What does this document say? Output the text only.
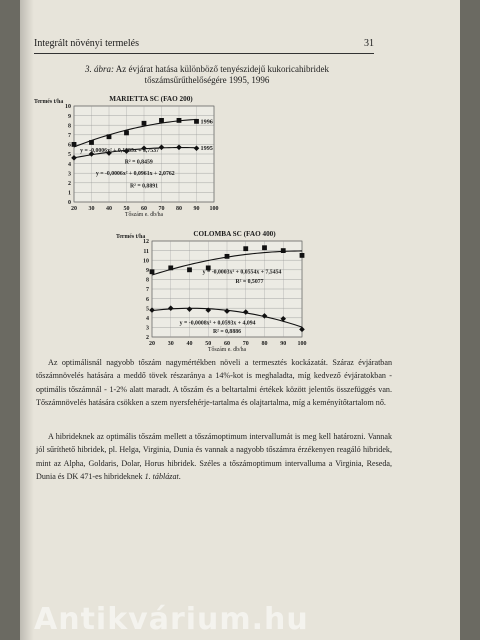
Integrált növényi termelés	31
3. ábra: Az évjárat hatása különböző tenyészidejű kukoricahibridek
tőszámsűrűthelőségére 1995, 1996
MARIETTA SC (FAO 200)
Termés t/ha
0
1
2
3
4
5
6
7
8
9
10
20 30 40 50 60 70 80 90 100
Tőszám e. db/ha
1996
1995
y = -0,0006x² + 0,1085x + 3,7537
R² = 0,8459
y = -0,0006x² + 0,0961x + 2,0762
R² = 0,8891
COLOMBA SC (FAO 400)
Termés t/ha
2
3
4
5
6
7
8
9
10
11
12
20 30 40 50 60 70 80 90 100
Tőszám e. db/ha
y = -0,0003x² + 0,0554x + 7,5454
R² = 0,5077
y = -0,0008x² + 0,0593x + 4,094
R² = 0,8886
Az optimálisnál nagyobb tőszám nagymértékben növeli a termesztés kockázatát. Száraz évjáratban tőszámnövelés hatására a meddő tövek részaránya a 14%-kot is meghaladta, míg kedvező évjáratokban - optimális tőszámnál - 1-2% alatt maradt. A tőszám és a beltartalmi értékek között jelentős összefüggés van. Tőszámnövelés hatására csökken a szem nyersfehérje-tartalma és olajtartalma, míg a keményítőtartalom nő.
A hibrideknek az optimális tőszám mellett a tőszámoptimum intervallumát is meg kell határozni. Vannak jól sűríthető hibridek, pl. Helga, Virginia, Dunia és vannak a nagyobb tőszámra érzékenyen reagáló hibridek, mint az Alpha, Goldaris, Dolar, Horus hibridek. Széles a tőszámoptimum intervalluma a Virginia, Reseda, Dunia és DK 471-es hibrideknek 1. táblázat.
Antikvárium.hu
